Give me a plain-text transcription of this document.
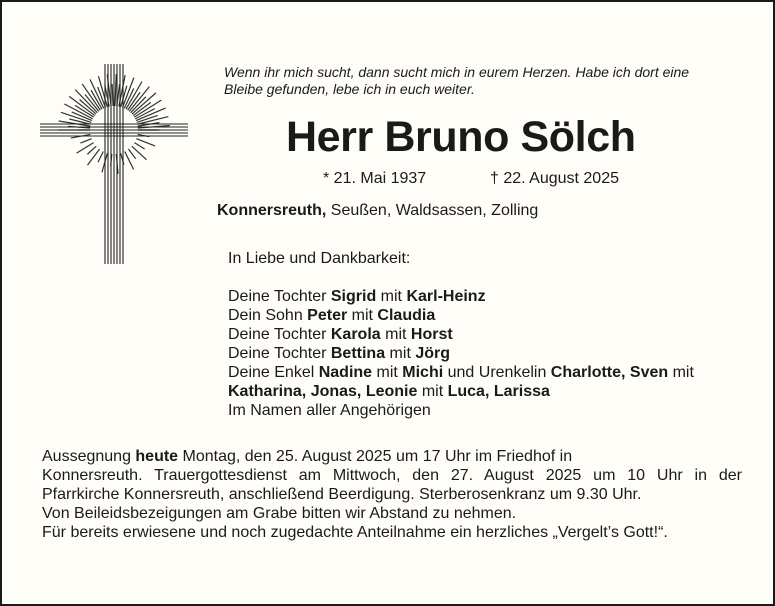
Wenn ihr mich sucht, dann sucht mich in eurem Herzen. Habe ich dort eine
Bleibe gefunden, lebe ich in euch weiter.
Herr Bruno Sölch
* 21. Mai 1937	† 22. August 2025
Konnersreuth, Seußen, Waldsassen, Zolling
In Liebe und Dankbarkeit:
Deine Tochter Sigrid mit Karl-Heinz
Dein Sohn Peter mit Claudia
Deine Tochter Karola mit Horst
Deine Tochter Bettina mit Jörg
Deine Enkel Nadine mit Michi und Urenkelin Charlotte, Sven mit
Katharina, Jonas, Leonie mit Luca, Larissa
Im Namen aller Angehörigen
Aussegnung heute Montag, den 25. August 2025 um 17 Uhr im Friedhof in
Konnersreuth. Trauergottesdienst am Mittwoch, den 27. August 2025 um 10 Uhr in der
Pfarrkirche Konnersreuth, anschließend Beerdigung. Sterberosenkranz um 9.30 Uhr.
Von Beileidsbezeigungen am Grabe bitten wir Abstand zu nehmen.
Für bereits erwiesene und noch zugedachte Anteilnahme ein herzliches „Vergelt’s Gott!“.
